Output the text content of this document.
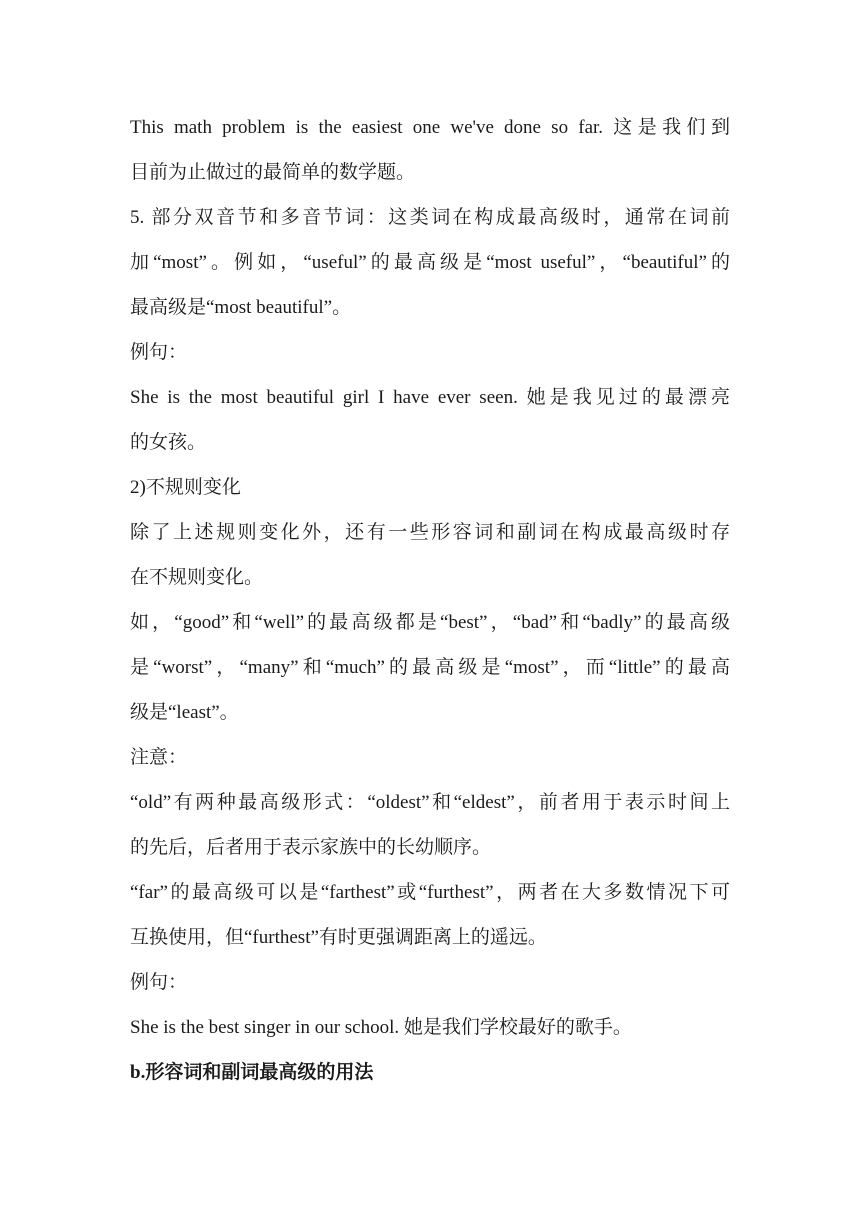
This math problem is the easiest one we've done so far. 这是我们到
目前为止做过的最简单的数学题。
5. 部分双音节和多音节词：这类词在构成最高级时，通常在词前
加“most”。例如，“useful”的最高级是“most useful”，“beautiful”的
最高级是“most beautiful”。
例句：
She is the most beautiful girl I have ever seen. 她是我见过的最漂亮
的女孩。
2)不规则变化
除了上述规则变化外，还有一些形容词和副词在构成最高级时存
在不规则变化。
如，“good”和“well”的最高级都是“best”，“bad”和“badly”的最高级
是“worst”，“many”和“much”的最高级是“most”，而“little”的最高
级是“least”。
注意：
“old”有两种最高级形式：“oldest”和“eldest”，前者用于表示时间上
的先后，后者用于表示家族中的长幼顺序。
“far”的最高级可以是“farthest”或“furthest”，两者在大多数情况下可
互换使用，但“furthest”有时更强调距离上的遥远。
例句：
She is the best singer in our school. 她是我们学校最好的歌手。
b.形容词和副词最高级的用法
